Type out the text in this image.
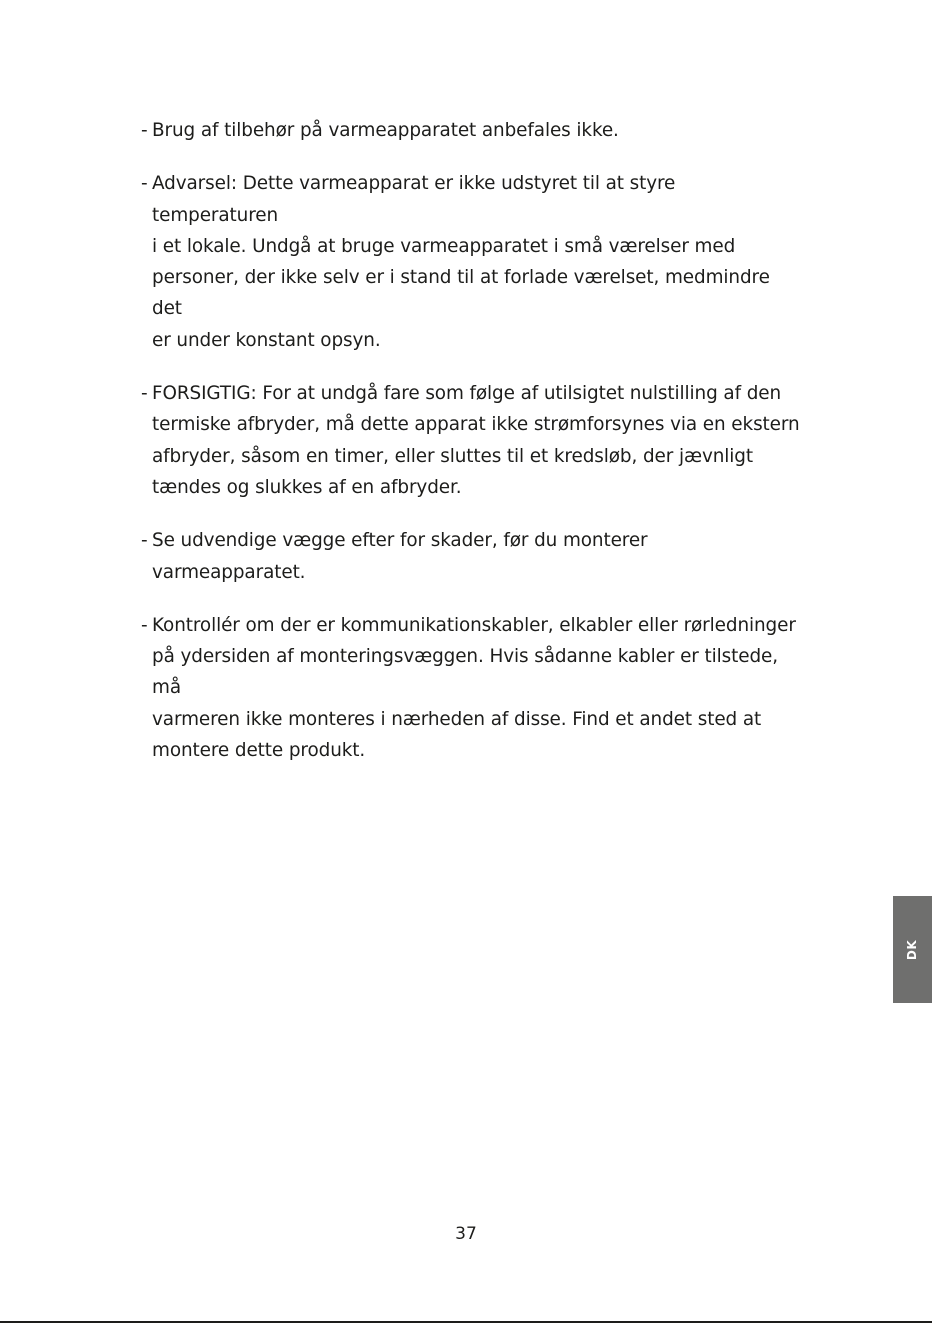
- Brug af tilbehør på varmeapparatet anbefales ikke.
- Advarsel: Dette varmeapparat er ikke udstyret til at styre temperaturen
i et lokale. Undgå at bruge varmeapparatet i små værelser med
personer, der ikke selv er i stand til at forlade værelset, medmindre det
er under konstant opsyn.
- FORSIGTIG: For at undgå fare som følge af utilsigtet nulstilling af den
termiske afbryder, må dette apparat ikke strømforsynes via en ekstern
afbryder, såsom en timer, eller sluttes til et kredsløb, der jævnligt
tændes og slukkes af en afbryder.
- Se udvendige vægge efter for skader, før du monterer varmeapparatet.
- Kontrollér om der er kommunikationskabler, elkabler eller rørledninger
på ydersiden af monteringsvæggen. Hvis sådanne kabler er tilstede, må
varmeren ikke monteres i nærheden af disse. Find et andet sted at
montere dette produkt.
DK
37
